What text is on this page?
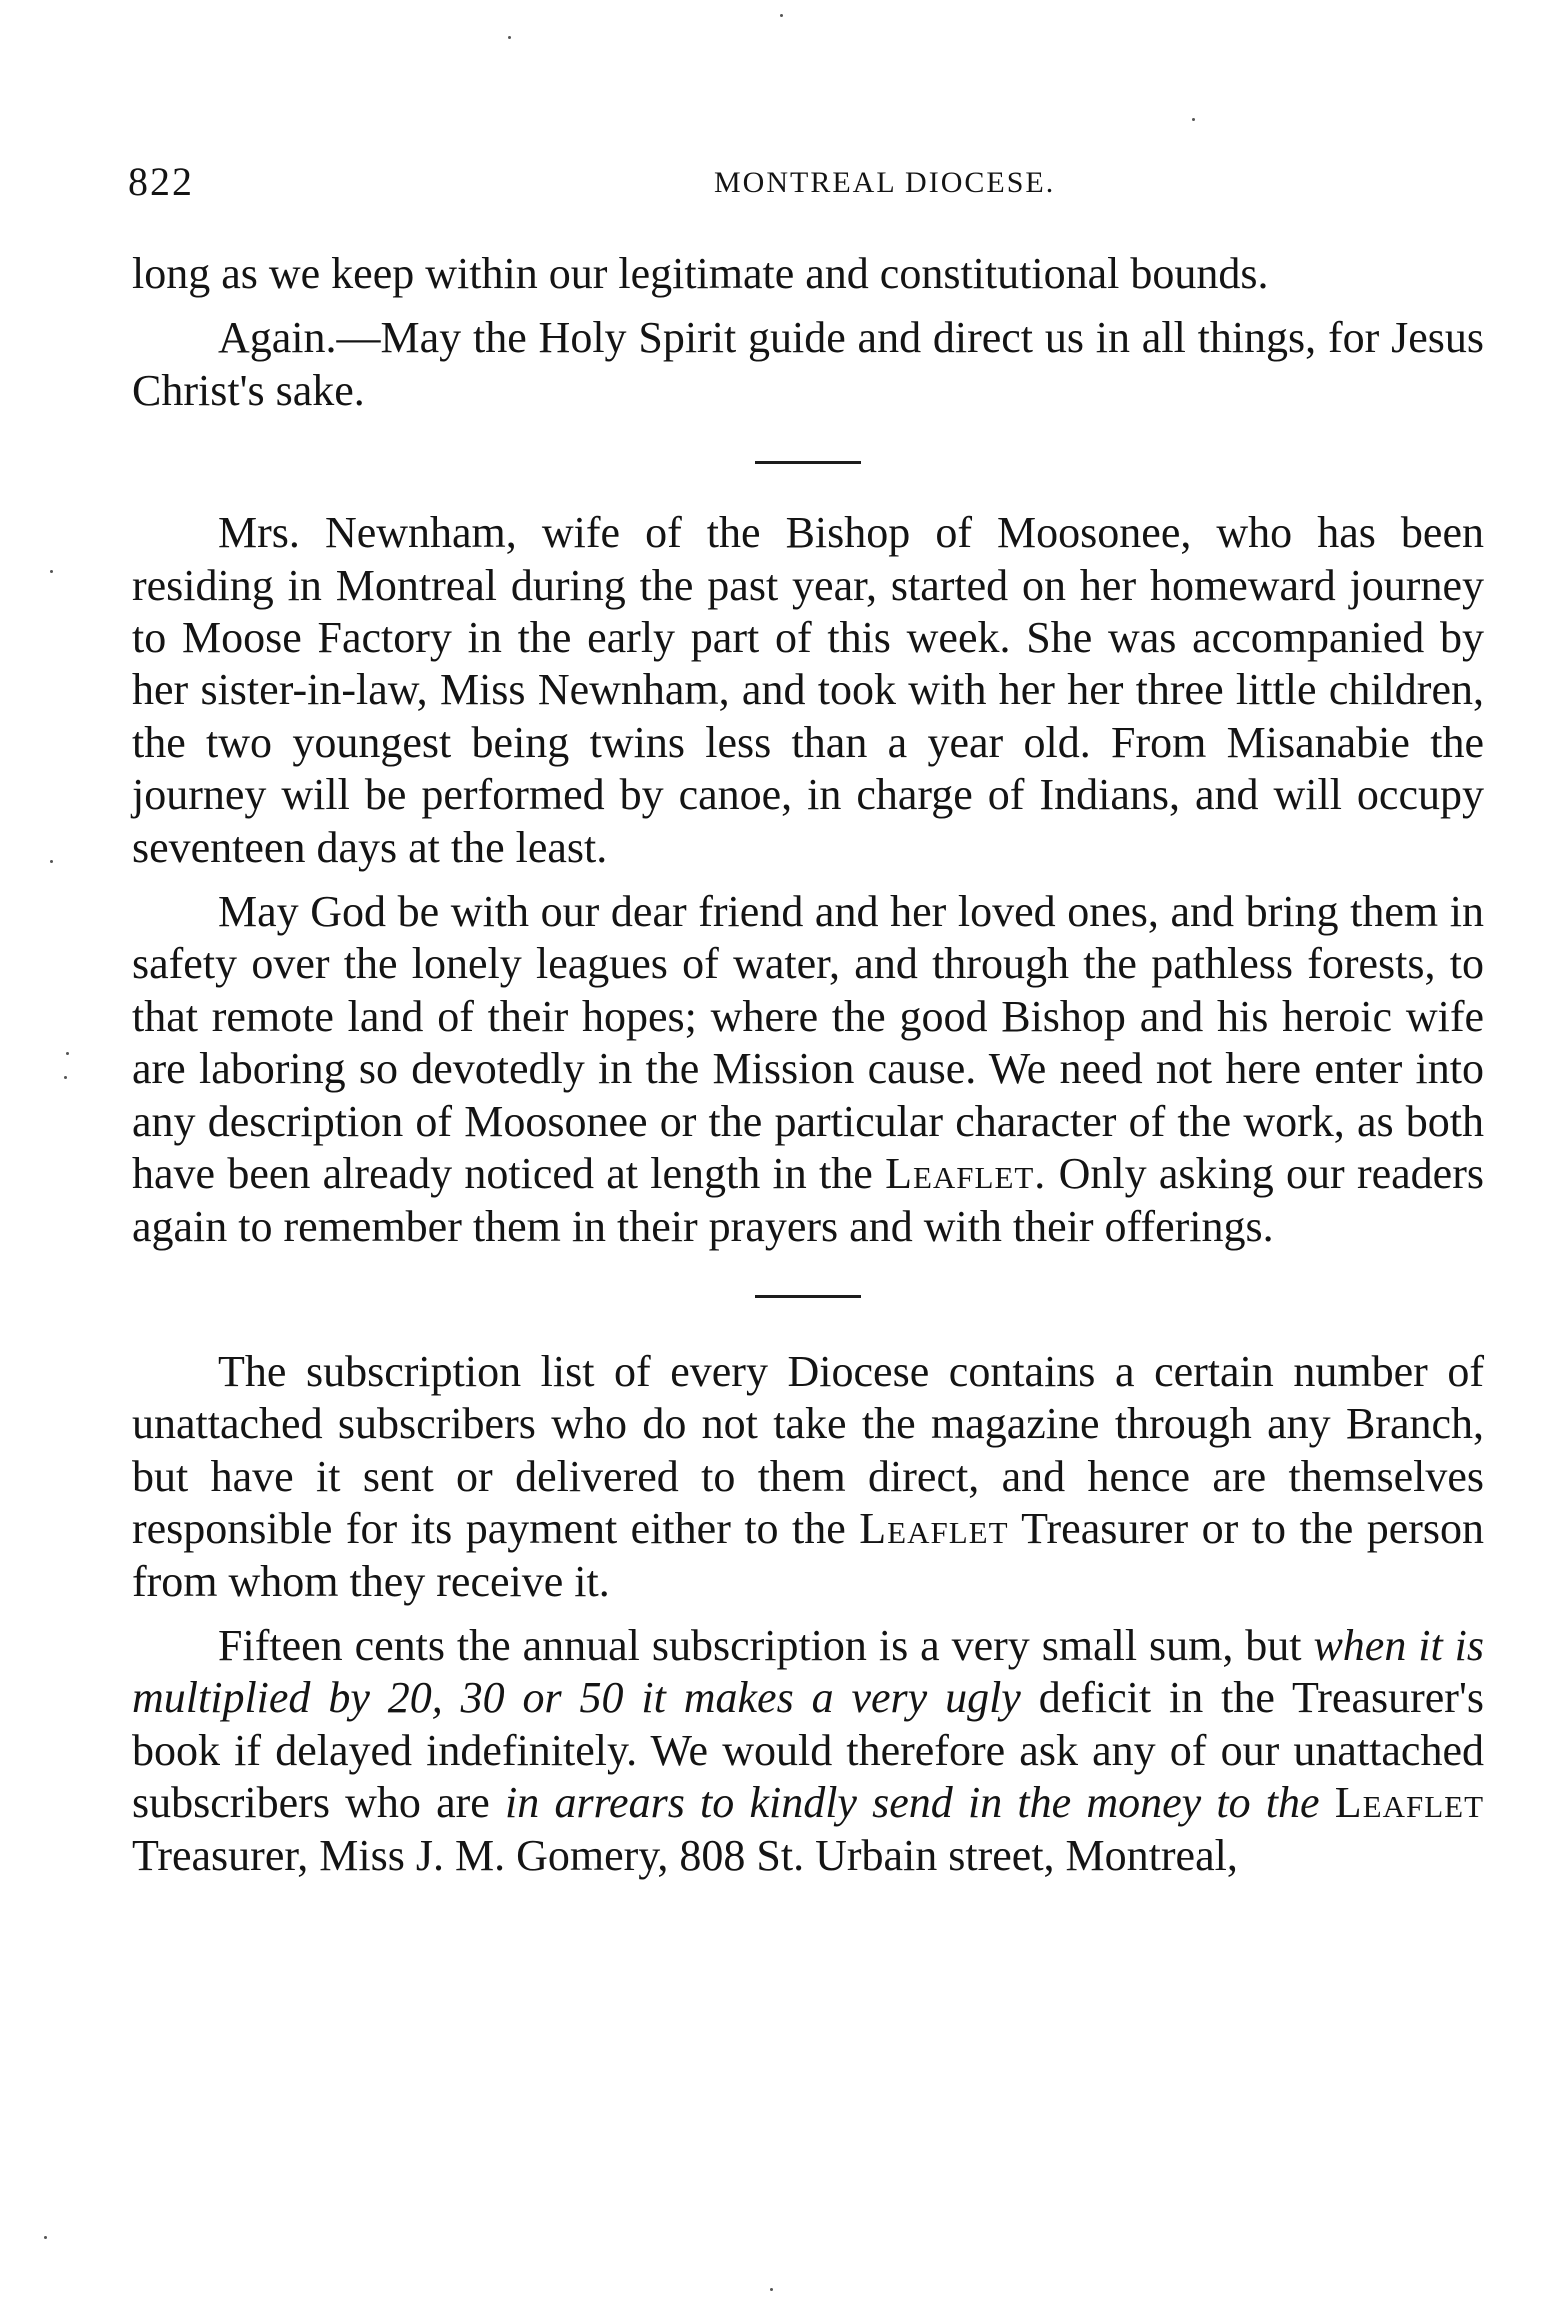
822	MONTREAL DIOCESE.

long as we keep within our legitimate and constitutional bounds.

Again.—May the Holy Spirit guide and direct us in all things, for Jesus Christ's sake.

Mrs. Newnham, wife of the Bishop of Moosonee, who has been residing in Montreal during the past year, started on her homeward journey to Moose Factory in the early part of this week. She was accompanied by her sister-in-law, Miss Newnham, and took with her her three little children, the two youngest being twins less than a year old. From Misanabie the journey will be performed by canoe, in charge of Indians, and will occupy seventeen days at the least.

May God be with our dear friend and her loved ones, and bring them in safety over the lonely leagues of water, and through the pathless forests, to that remote land of their hopes; where the good Bishop and his heroic wife are laboring so devotedly in the Mission cause. We need not here enter into any description of Moosonee or the particular character of the work, as both have been already noticed at length in the Leaflet. Only asking our readers again to remember them in their prayers and with their offerings.

The subscription list of every Diocese contains a certain number of unattached subscribers who do not take the magazine through any Branch, but have it sent or delivered to them direct, and hence are themselves responsible for its payment either to the Leaflet Treasurer or to the person from whom they receive it.

Fifteen cents the annual subscription is a very small sum, but when it is multiplied by 20, 30 or 50 it makes a very ugly deficit in the Treasurer's book if delayed indefinitely. We would therefore ask any of our unattached subscribers who are in arrears to kindly send in the money to the Leaflet Treasurer, Miss J. M. Gomery, 808 St. Urbain street, Montreal,
